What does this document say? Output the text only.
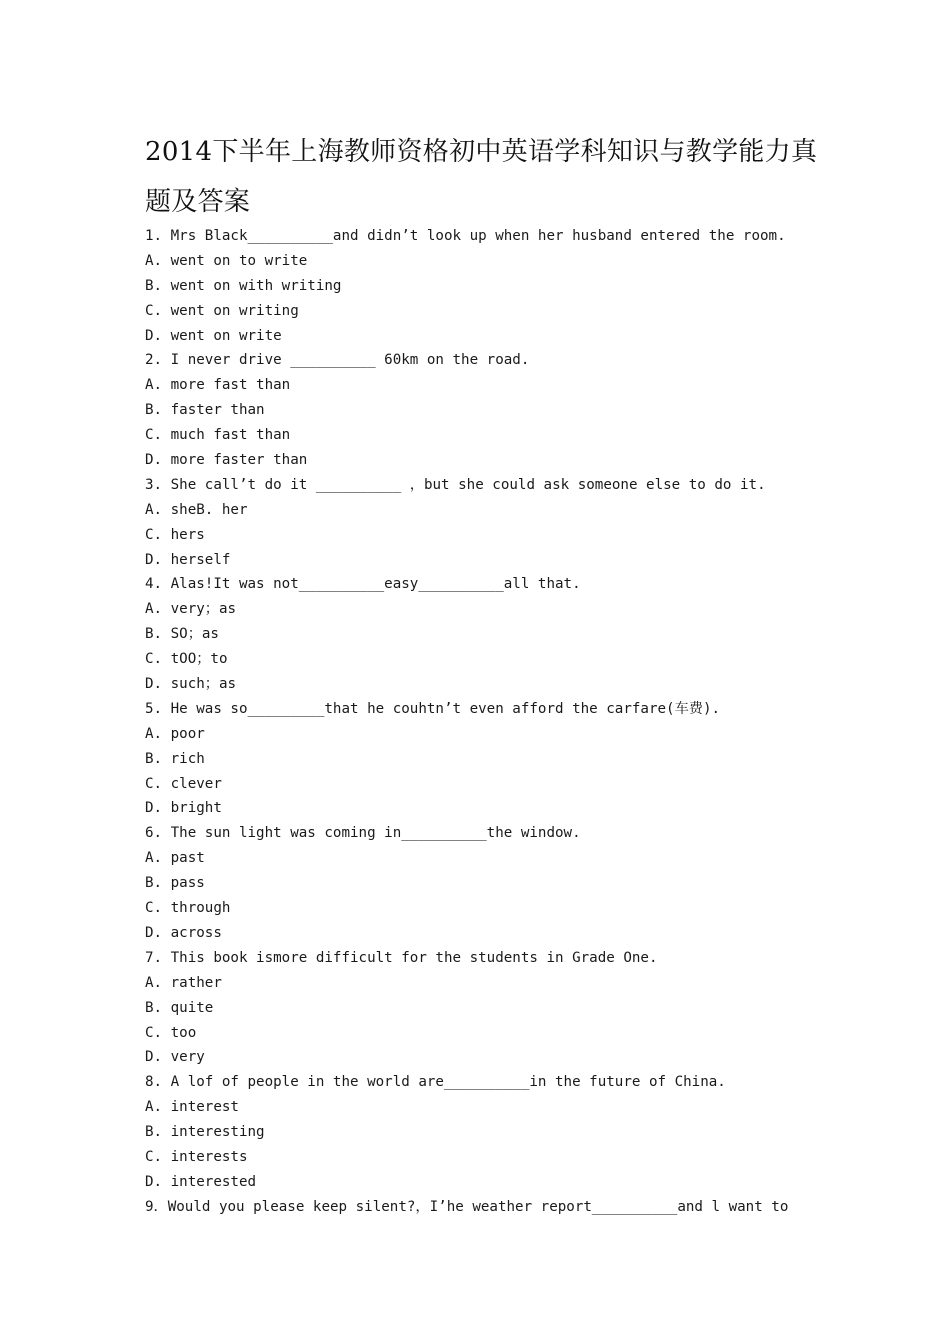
2014下半年上海教师资格初中英语学科知识与教学能力真
题及答案
1. Mrs Black__________and didn’t look up when her husband entered the room.
A. went on to write
B. went on with writing
C. went on writing
D. went on write
2. I never drive __________ 60km on the road.
A. more fast than
B. faster than
C. much fast than
D. more faster than
3. She call’t do it __________ ，but she could ask someone else to do it.
A. sheB. her
C. hers
D. herself
4. Alas!It was not__________easy__________all that.
A. very；as
B. SO；as
C. tOO；to
D. such；as
5. He was so_________that he couhtn’t even afford the carfare(车费).
A. poor
B. rich
C. clever
D. bright
6. The sun light was coming in__________the window.
A. past
B. pass
C. through
D. across
7. This book ismore difficult for the students in Grade One.
A. rather
B. quite
C. too
D. very
8. A lof of people in the world are__________in the future of China.
A. interest
B. interesting
C. interests
D. interested
9．Would you please keep silent?，I’he weather report__________and l want to
